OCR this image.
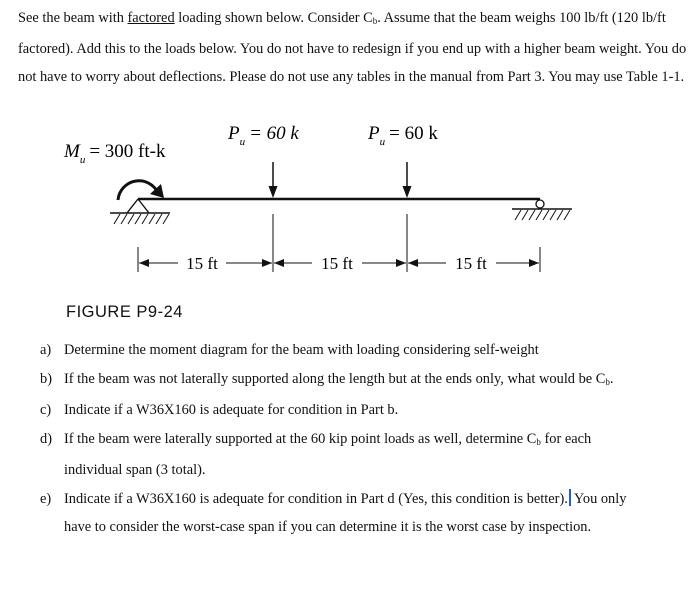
See the beam with factored loading shown below. Consider $C_b$. Assume that the beam weighs 100 lb/ft (120 lb/ft factored). Add this to the loads below. You do not have to redesign if you end up with a higher beam weight. You do not have to worry about deflections. Please do not use any tables in the manual from Part 3. You may use Table 1-1.

$M_u = 300$ ft-k
$P_u = 60$ k	$P_u = 60$ k
15 ft	15 ft	15 ft
FIGURE P9-24
a) Determine the moment diagram for the beam with loading considering self-weight
b) If the beam was not laterally supported along the length but at the ends only, what would be $C_b$.
c) Indicate if a W36X160 is adequate for condition in Part b.
d) If the beam were laterally supported at the 60 kip point loads as well, determine $C_b$ for each individual span (3 total).
e) Indicate if a W36X160 is adequate for condition in Part d (Yes, this condition is better). You only have to consider the worst-case span if you can determine it is the worst case by inspection.
